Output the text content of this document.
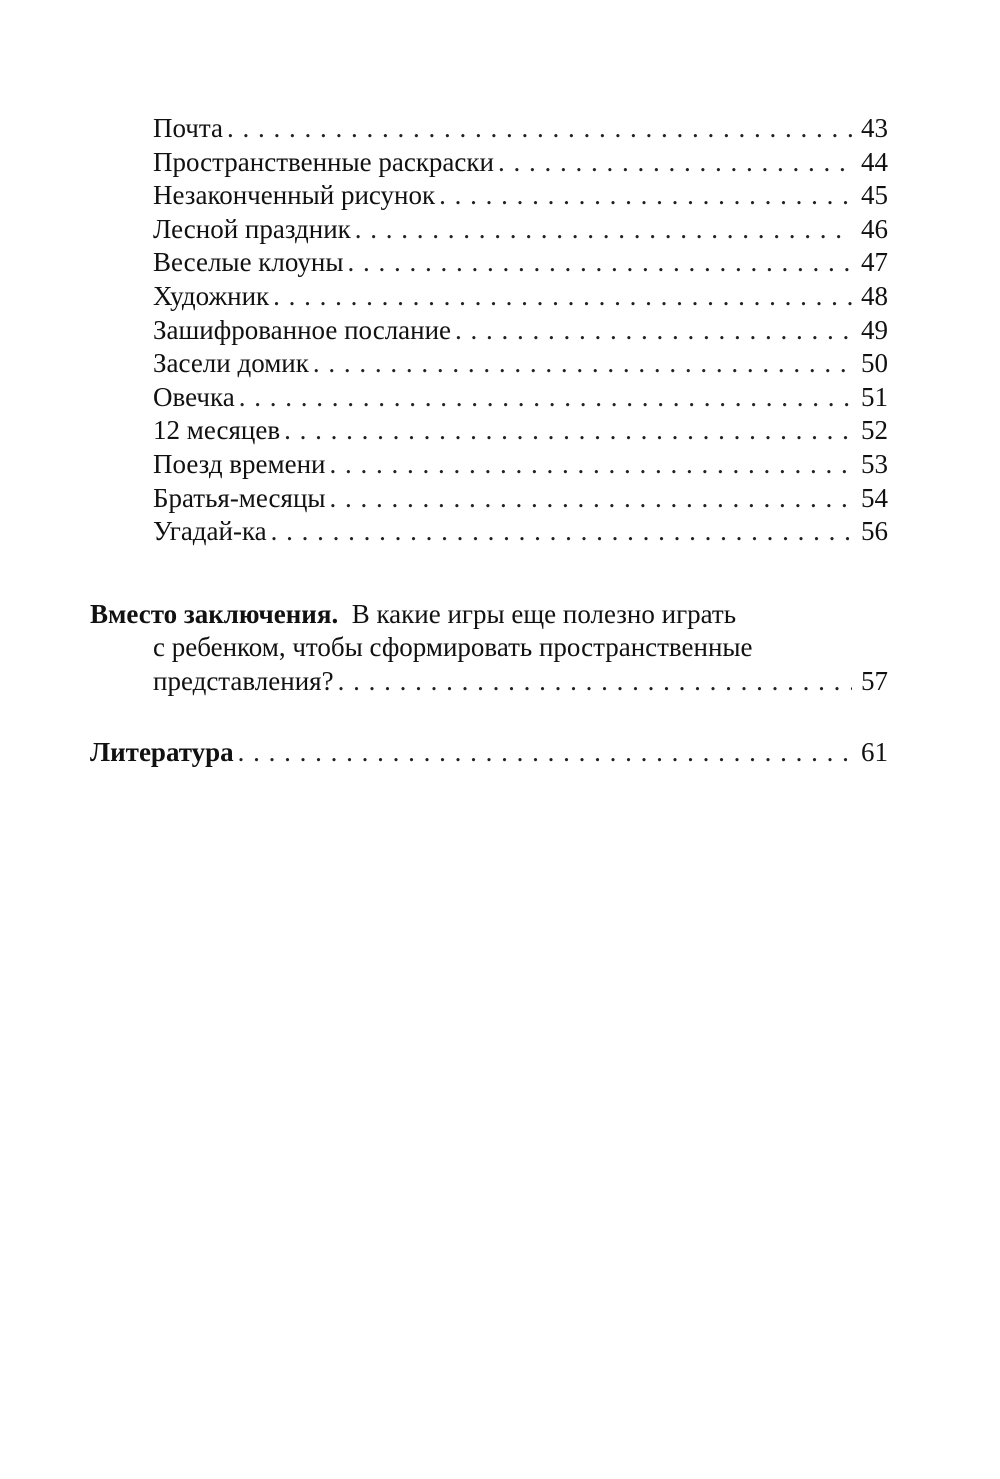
Почта . . .	43
Пространственные раскраски . . .	44
Незаконченный рисунок . . .	45
Лесной праздник . . .	46
Веселые клоуны . . .	47
Художник . . .	48
Зашифрованное послание . . .	49
Засели домик . . .	50
Овечка . . .	51
12 месяцев . . .	52
Поезд времени . . .	53
Братья-месяцы . . .	54
Угадай-ка . . .	56
Вместо заключения. В какие игры еще полезно играть
с ребенком, чтобы сформировать пространственные
представления? . . .	57
Литература . . .	61
